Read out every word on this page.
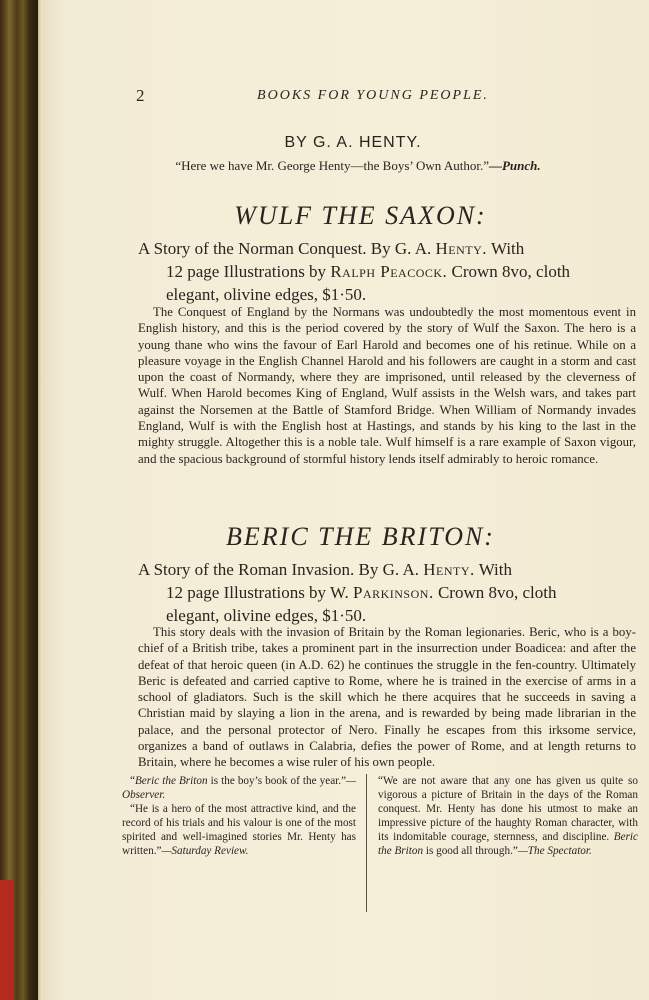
2	BOOKS FOR YOUNG PEOPLE.
BY G. A. HENTY.
“Here we have Mr. George Henty—the Boys’ Own Author.”—Punch.
WULF THE SAXON:
A Story of the Norman Conquest. By G. A. Henty. With
12 page Illustrations by Ralph Peacock. Crown 8vo, cloth
elegant, olivine edges, $1·50.
The Conquest of England by the Normans was undoubtedly the most momentous event in English history, and this is the period covered by the story of Wulf the Saxon. The hero is a young thane who wins the favour of Earl Harold and becomes one of his retinue. While on a pleasure voyage in the English Channel Harold and his followers are caught in a storm and cast upon the coast of Normandy, where they are imprisoned, until released by the cleverness of Wulf. When Harold becomes King of England, Wulf assists in the Welsh wars, and takes part against the Norsemen at the Battle of Stamford Bridge. When William of Normandy invades England, Wulf is with the English host at Hastings, and stands by his king to the last in the mighty struggle. Altogether this is a noble tale. Wulf himself is a rare example of Saxon vigour, and the spacious background of stormful history lends itself admirably to heroic romance.
BERIC THE BRITON:
A Story of the Roman Invasion. By G. A. Henty. With
12 page Illustrations by W. Parkinson. Crown 8vo, cloth
elegant, olivine edges, $1·50.
This story deals with the invasion of Britain by the Roman legionaries. Beric, who is a boy-chief of a British tribe, takes a prominent part in the insurrection under Boadicea: and after the defeat of that heroic queen (in A.D. 62) he continues the struggle in the fen-country. Ultimately Beric is defeated and carried captive to Rome, where he is trained in the exercise of arms in a school of gladiators. Such is the skill which he there acquires that he succeeds in saving a Christian maid by slaying a lion in the arena, and is rewarded by being made librarian in the palace, and the personal protector of Nero. Finally he escapes from this irksome service, organizes a band of outlaws in Calabria, defies the power of Rome, and at length returns to Britain, where he becomes a wise ruler of his own people.

“Beric the Briton is the boy’s book of the year.”—Observer.

“He is a hero of the most attractive kind, and the record of his trials and his valour is one of the most spirited and well-imagined stories Mr. Henty has written.”—Saturday Review.

“We are not aware that any one has given us quite so vigorous a picture of Britain in the days of the Roman conquest. Mr. Henty has done his utmost to make an impressive picture of the haughty Roman character, with its indomitable courage, sternness, and discipline. Beric the Briton is good all through.”—The Spectator.
